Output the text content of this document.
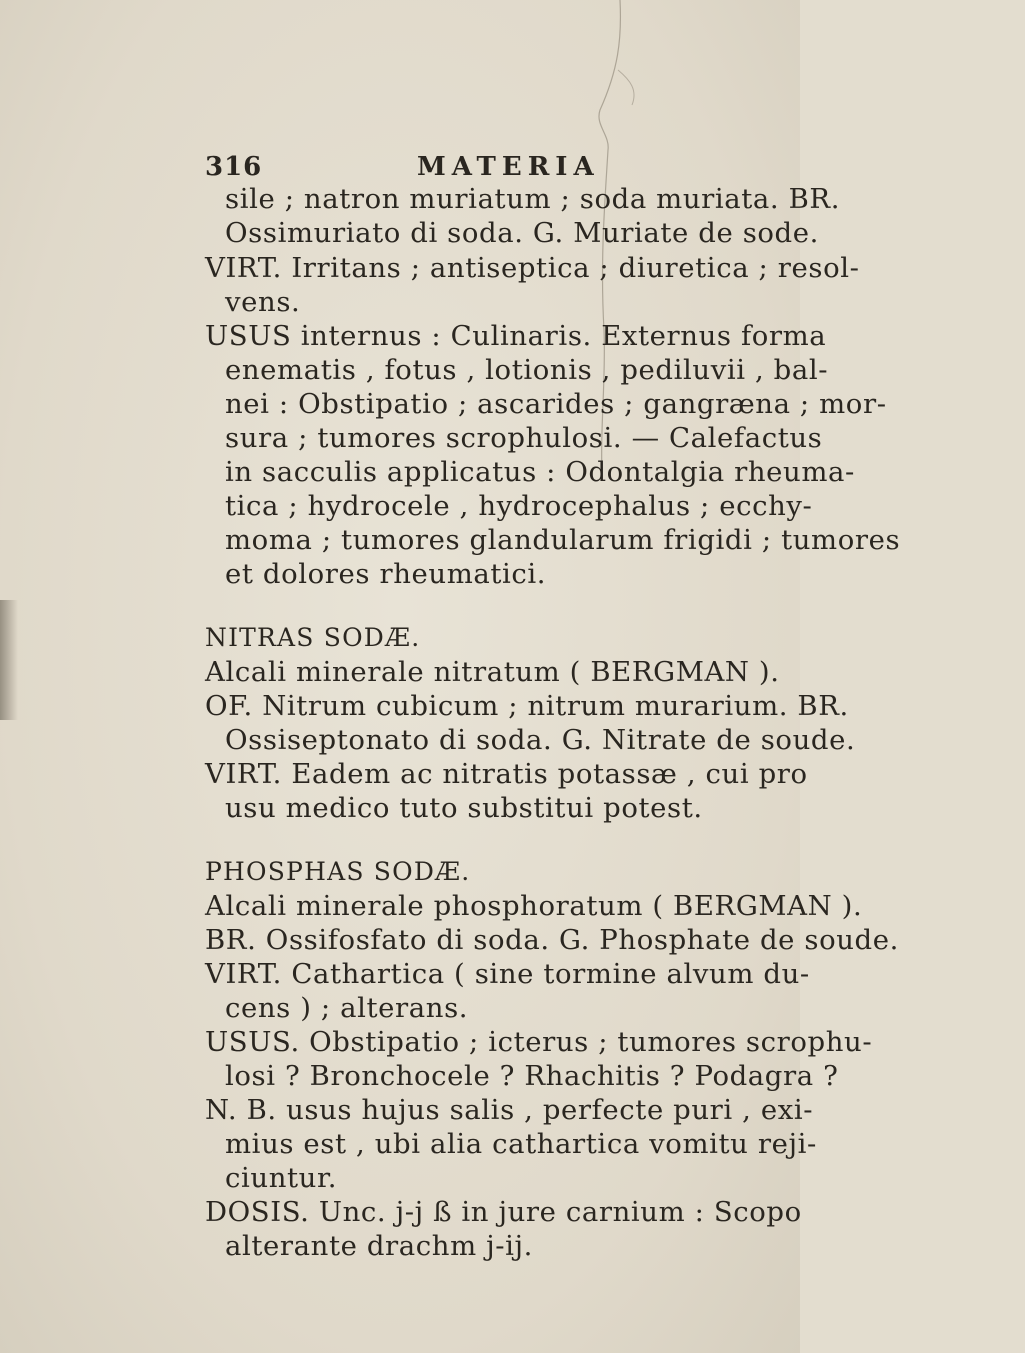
316	MATERIA
sile ; natron muriatum ; soda muriata. BR.
Ossimuriato di soda. G. Muriate de sode.
VIRT. Irritans ; antiseptica ; diuretica ; resol-
vens.
USUS internus : Culinaris. Externus forma
enematis , fotus , lotionis , pediluvii , bal-
nei : Obstipatio ; ascarides ; gangræna ; mor-
sura ; tumores scrophulosi. — Calefactus
in sacculis applicatus : Odontalgia rheuma-
tica ; hydrocele , hydrocephalus ; ecchy-
moma ; tumores glandularum frigidi ; tumores
et dolores rheumatici.
NITRAS SODÆ.
Alcali minerale nitratum ( BERGMAN ).
OF. Nitrum cubicum ; nitrum murarium. BR.
Ossiseptonato di soda. G. Nitrate de soude.
VIRT. Eadem ac nitratis potassæ , cui pro
usu medico tuto substitui potest.
PHOSPHAS SODÆ.
Alcali minerale phosphoratum ( BERGMAN ).
BR. Ossifosfato di soda. G. Phosphate de soude.
VIRT. Cathartica ( sine tormine alvum du-
cens ) ; alterans.
USUS. Obstipatio ; icterus ; tumores scrophu-
losi ? Bronchocele ? Rhachitis ? Podagra ?
N. B. usus hujus salis , perfecte puri , exi-
mius est , ubi alia cathartica vomitu reji-
ciuntur.
DOSIS. Unc. j-j ß in jure carnium : Scopo
alterante drachm j-ij.
